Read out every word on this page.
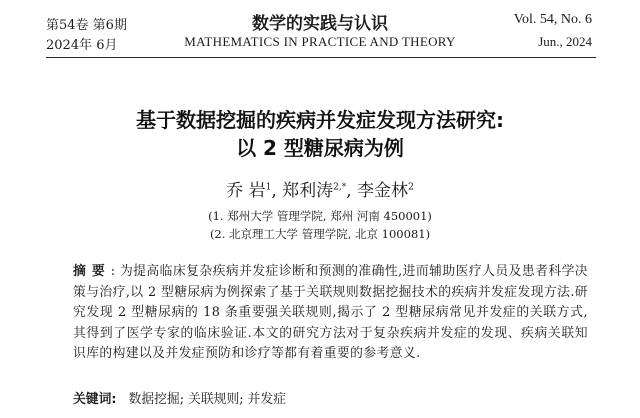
第54卷 第6期
2024年 6月
数学的实践与认识
MATHEMATICS IN PRACTICE AND THEORY
Vol. 54, No. 6
Jun., 2024
基于数据挖掘的疾病并发症发现方法研究:
以 2 型糖尿病为例
乔 岩$^1$, 郑利涛$^{2,*}$, 李金林$^2$
(1. 郑州大学 管理学院, 郑州 河南 450001)
(2. 北京理工大学 管理学院, 北京 100081)
摘要: 为提高临床复杂疾病并发症诊断和预测的准确性,进而辅助医疗人员及患者科学决策与治疗,以 2 型糖尿病为例探索了基于关联规则数据挖掘技术的疾病并发症发现方法.研究发现 2 型糖尿病的 18 条重要强关联规则,揭示了 2 型糖尿病常见并发症的关联方式,其得到了医学专家的临床验证.本文的研究方法对于复杂疾病并发症的发现、疾病关联知识库的构建以及并发症预防和诊疗等都有着重要的参考意义.
关键词: 数据挖掘; 关联规则; 并发症
